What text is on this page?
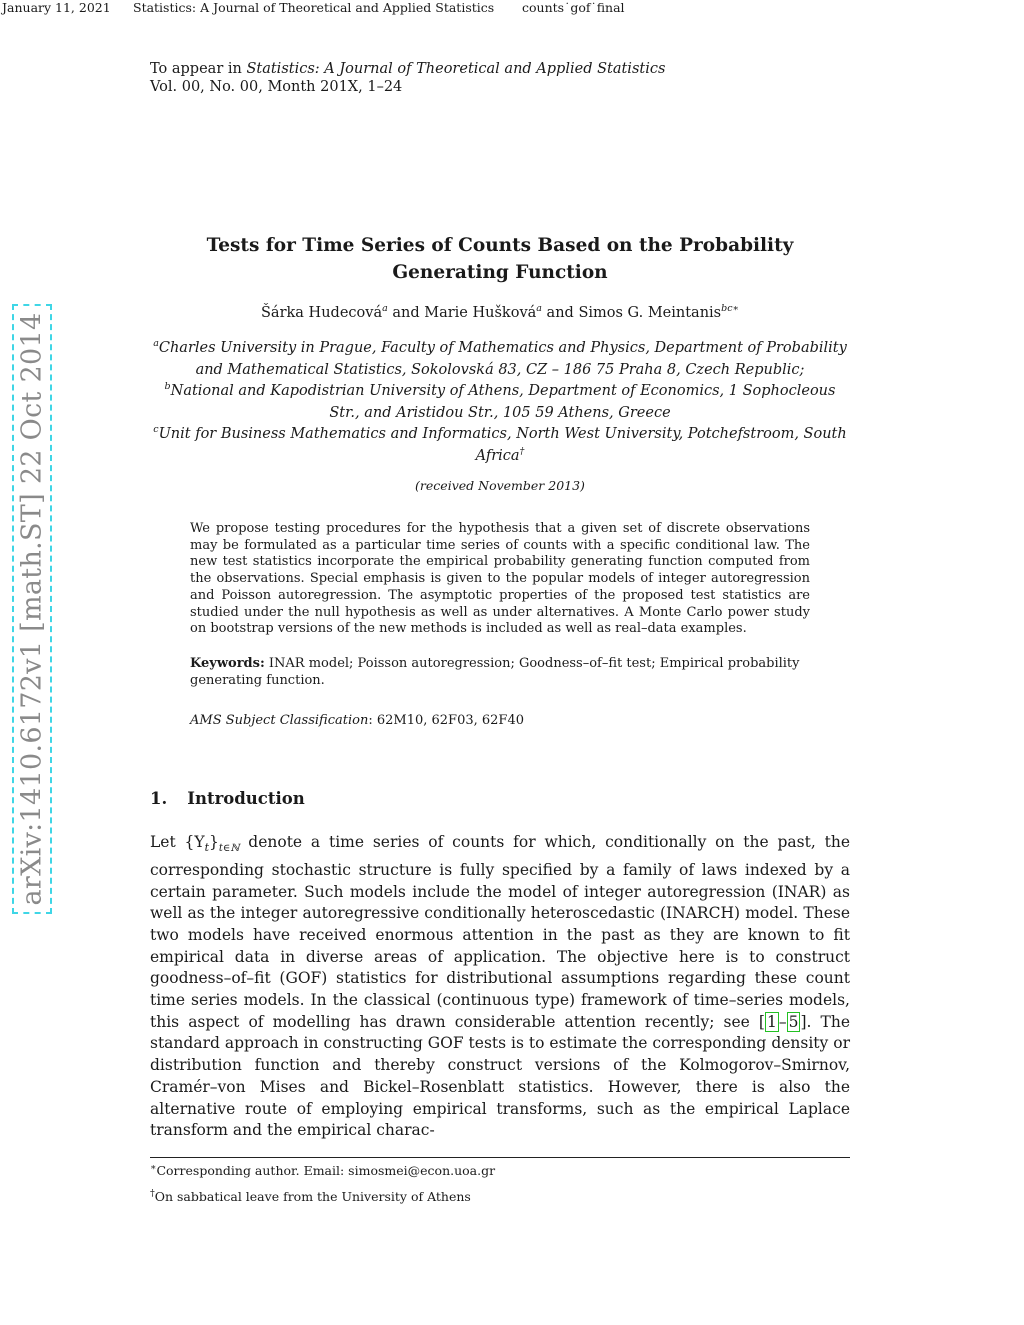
January 11, 2021 Statistics: A Journal of Theoretical and Applied Statistics counts˙gof˙final
To appear in Statistics: A Journal of Theoretical and Applied Statistics
Vol. 00, No. 00, Month 201X, 1–24
Tests for Time Series of Counts Based on the Probability Generating Function
Šárka Hudecová$^a$ and Marie Hušková$^a$ and Simos G. Meintanis$^{bc∗}$
$^a$Charles University in Prague, Faculty of Mathematics and Physics, Department of Probability and Mathematical Statistics, Sokolovská 83, CZ – 186 75 Praha 8, Czech Republic;
$^b$National and Kapodistrian University of Athens, Department of Economics, 1 Sophocleous Str., and Aristidou Str., 105 59 Athens, Greece
$^c$Unit for Business Mathematics and Informatics, North West University, Potchefstroom, South Africa†
(received November 2013)
We propose testing procedures for the hypothesis that a given set of discrete observations may be formulated as a particular time series of counts with a specific conditional law. The new test statistics incorporate the empirical probability generating function computed from the observations. Special emphasis is given to the popular models of integer autoregression and Poisson autoregression. The asymptotic properties of the proposed test statistics are studied under the null hypothesis as well as under alternatives. A Monte Carlo power study on bootstrap versions of the new methods is included as well as real–data examples.
Keywords: INAR model; Poisson autoregression; Goodness–of–fit test; Empirical probability generating function.
AMS Subject Classification: 62M10, 62F03, 62F40
1. Introduction
Let $\{Y_t\}_{t\in ℕ}$ denote a time series of counts for which, conditionally on the past, the corresponding stochastic structure is fully specified by a family of laws indexed by a certain parameter. Such models include the model of integer autoregression (INAR) as well as the integer autoregressive conditionally heteroscedastic (INARCH) model. These two models have received enormous attention in the past as they are known to fit empirical data in diverse areas of application. The objective here is to construct goodness–of–fit (GOF) statistics for distributional assumptions regarding these count time series models. In the classical (continuous type) framework of time–series models, this aspect of modelling has drawn considerable attention recently; see [ 1 – 5 ]. The standard approach in constructing GOF tests is to estimate the corresponding density or distribution function and thereby construct versions of the Kolmogorov–Smirnov, Cramér–von Mises and Bickel–Rosenblatt statistics. However, there is also the alternative route of employing empirical transforms, such as the empirical Laplace transform and the empirical charac-
∗Corresponding author. Email: simosmei@econ.uoa.gr
†On sabbatical leave from the University of Athens
arXiv:1410.6172v1 [math.ST] 22 Oct 2014
